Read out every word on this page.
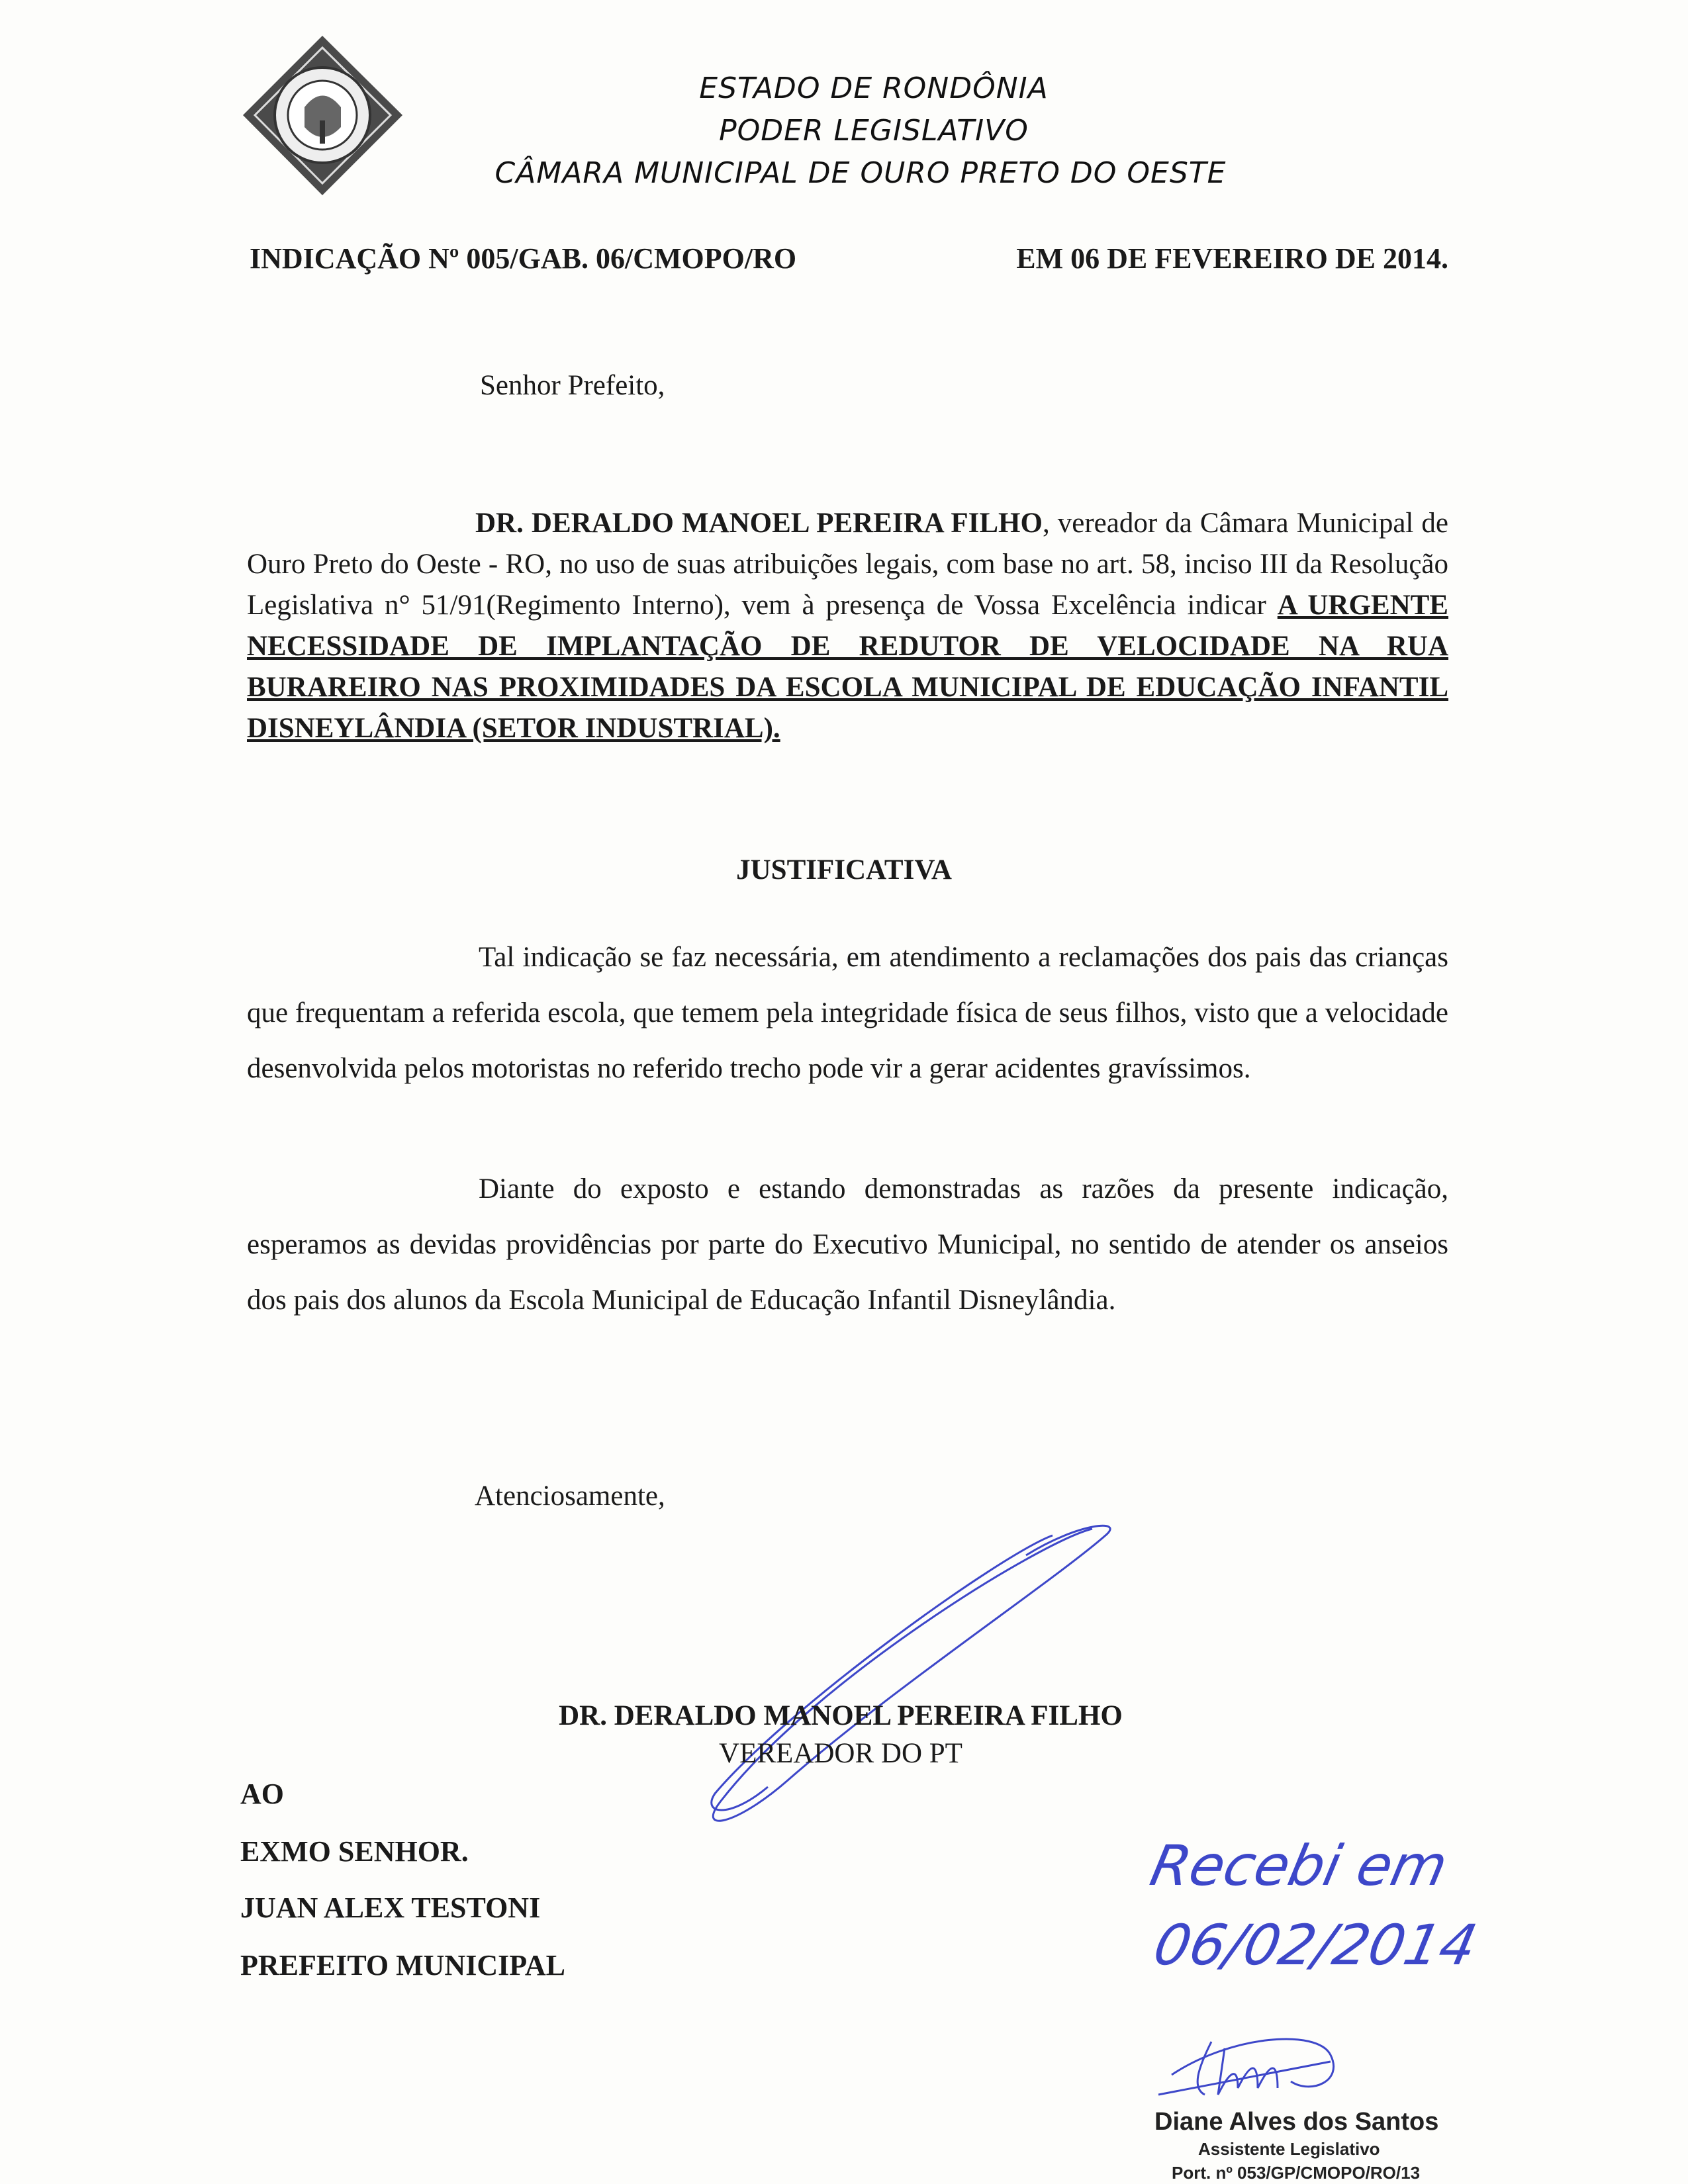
ESTADO DE RONDÔNIA
PODER LEGISLATIVO
CÂMARA MUNICIPAL DE OURO PRETO DO OESTE
INDICAÇÃO Nº 005/GAB. 06/CMOPO/RO	EM 06 DE FEVEREIRO DE 2014.
Senhor Prefeito,
DR. DERALDO MANOEL PEREIRA FILHO, vereador da Câmara Municipal de Ouro Preto do Oeste - RO, no uso de suas atribuições legais, com base no art. 58, inciso III da Resolução Legislativa n° 51/91(Regimento Interno), vem à presença de Vossa Excelência indicar A URGENTE NECESSIDADE DE IMPLANTAÇÃO DE REDUTOR DE VELOCIDADE NA RUA BURAREIRO NAS PROXIMIDADES DA ESCOLA MUNICIPAL DE EDUCAÇÃO INFANTIL DISNEYLÂNDIA (SETOR INDUSTRIAL).
JUSTIFICATIVA
Tal indicação se faz necessária, em atendimento a reclamações dos pais das crianças que frequentam a referida escola, que temem pela integridade física de seus filhos, visto que a velocidade desenvolvida pelos motoristas no referido trecho pode vir a gerar acidentes gravíssimos.
Diante do exposto e estando demonstradas as razões da presente indicação, esperamos as devidas providências por parte do Executivo Municipal, no sentido de atender os anseios dos pais dos alunos da Escola Municipal de Educação Infantil Disneylândia.
Atenciosamente,
DR. DERALDO MANOEL PEREIRA FILHO
VEREADOR DO PT
AO
EXMO SENHOR.
JUAN ALEX TESTONI
PREFEITO MUNICIPAL
Recebi em
06/02/2014
Diane Alves dos Santos
Assistente Legislativo
Port. nº 053/GP/CMOPO/RO/13
